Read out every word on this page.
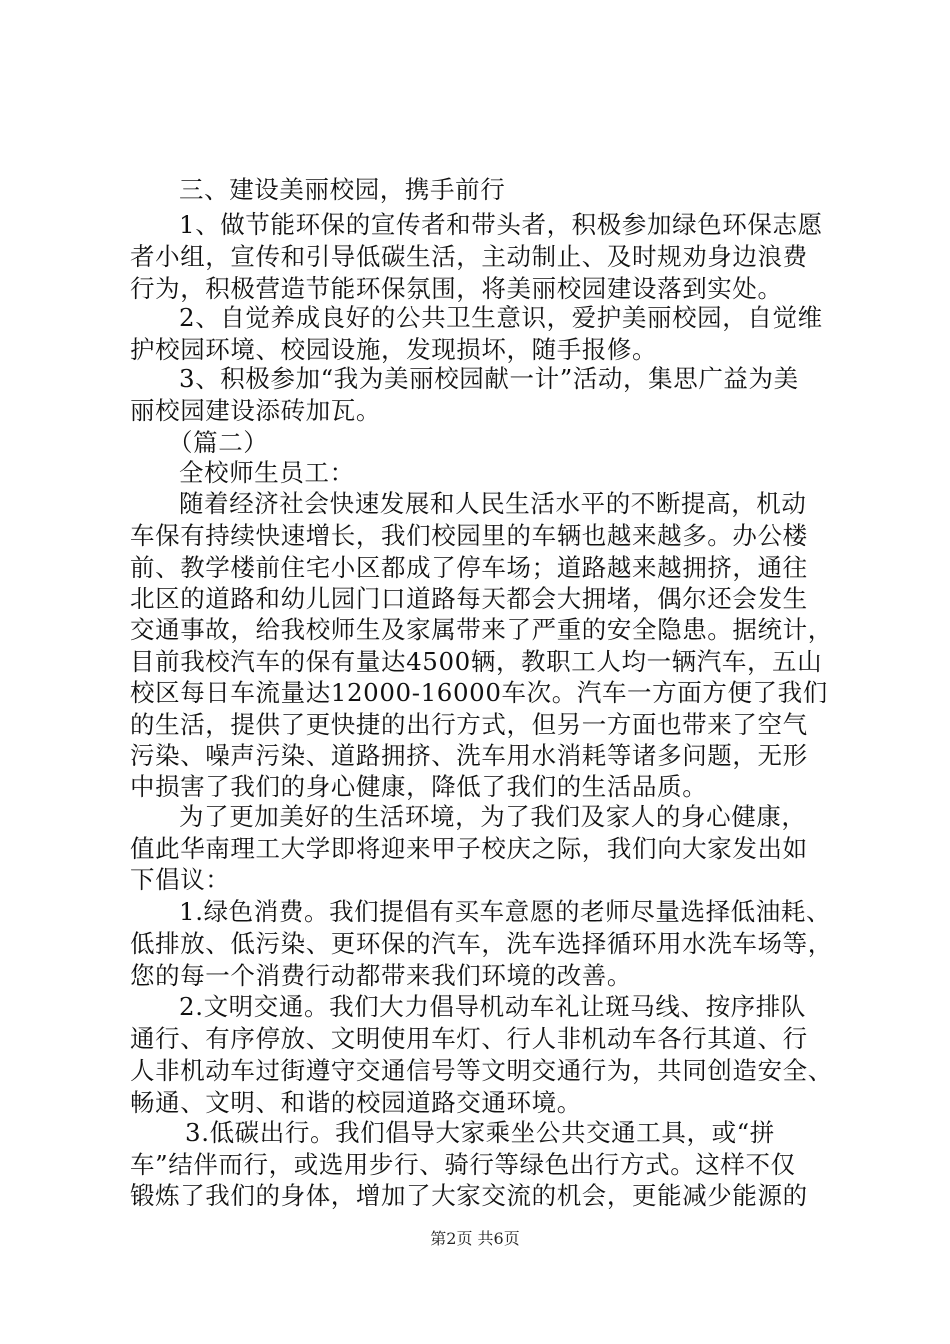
三、建设美丽校园，携手前行
1、做节能环保的宣传者和带头者，积极参加绿色环保志愿
者小组，宣传和引导低碳生活，主动制止、及时规劝身边浪费
行为，积极营造节能环保氛围，将美丽校园建设落到实处。
2、自觉养成良好的公共卫生意识，爱护美丽校园，自觉维
护校园环境、校园设施，发现损坏，随手报修。
3、积极参加“我为美丽校园献一计”活动，集思广益为美
丽校园建设添砖加瓦。
（篇二）
全校师生员工：
随着经济社会快速发展和人民生活水平的不断提高，机动
车保有持续快速增长，我们校园里的车辆也越来越多。办公楼
前、教学楼前住宅小区都成了停车场；道路越来越拥挤，通往
北区的道路和幼儿园门口道路每天都会大拥堵，偶尔还会发生
交通事故，给我校师生及家属带来了严重的安全隐患。据统计，
目前我校汽车的保有量达4500辆，教职工人均一辆汽车，五山
校区每日车流量达12000-16000车次。汽车一方面方便了我们
的生活，提供了更快捷的出行方式，但另一方面也带来了空气
污染、噪声污染、道路拥挤、洗车用水消耗等诸多问题，无形
中损害了我们的身心健康，降低了我们的生活品质。
为了更加美好的生活环境，为了我们及家人的身心健康，
值此华南理工大学即将迎来甲子校庆之际，我们向大家发出如
下倡议：
1.绿色消费。我们提倡有买车意愿的老师尽量选择低油耗、
低排放、低污染、更环保的汽车，洗车选择循环用水洗车场等，
您的每一个消费行动都带来我们环境的改善。
2.文明交通。我们大力倡导机动车礼让斑马线、按序排队
通行、有序停放、文明使用车灯、行人非机动车各行其道、行
人非机动车过街遵守交通信号等文明交通行为，共同创造安全、
畅通、文明、和谐的校园道路交通环境。
3.低碳出行。我们倡导大家乘坐公共交通工具，或“拼
车”结伴而行，或选用步行、骑行等绿色出行方式。这样不仅
锻炼了我们的身体，增加了大家交流的机会，更能减少能源的
第2页 共6页
